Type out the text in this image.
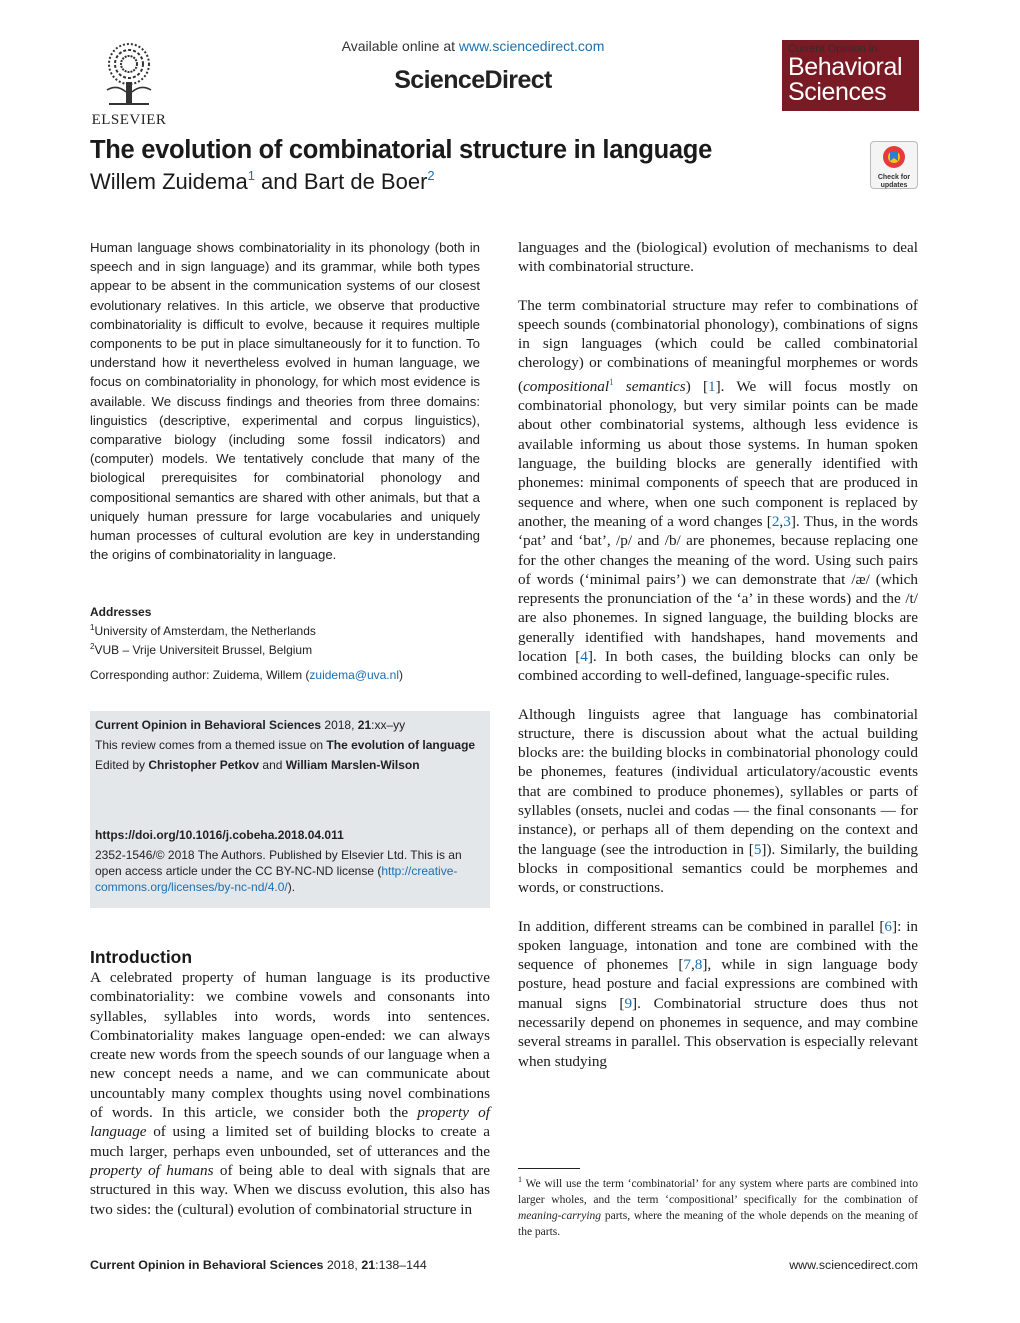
ELSEVIER
Available online at www.sciencedirect.com
ScienceDirect
Current Opinion in
Behavioral
Sciences
The evolution of combinatorial structure in language
Willem Zuidema$^1$ and Bart de Boer$^2$	Check for
updates
Human language shows combinatoriality in its phonology (both in speech and in sign language) and its grammar, while both types appear to be absent in the communication systems of our closest evolutionary relatives. In this article, we observe that productive combinatoriality is difficult to evolve, because it requires multiple components to be put in place simultaneously for it to function. To understand how it nevertheless evolved in human language, we focus on combinatoriality in phonology, for which most evidence is available. We discuss findings and theories from three domains: linguistics (descriptive, experimental and corpus linguistics), comparative biology (including some fossil indicators) and (computer) models. We tentatively conclude that many of the biological prerequisites for combinatorial phonology and compositional semantics are shared with other animals, but that a uniquely human pressure for large vocabularies and uniquely human processes of cultural evolution are key in understanding the origins of combinatoriality in language.
Addresses
$^1$University of Amsterdam, the Netherlands
$^2$VUB – Vrije Universiteit Brussel, Belgium
Corresponding author: Zuidema, Willem (zuidema@uva.nl)

Current Opinion in Behavioral Sciences 2018, 21:xx–yy

This review comes from a themed issue on The evolution of language

Edited by Christopher Petkov and William Marslen-Wilson

https://doi.org/10.1016/j.cobeha.2018.04.011

2352-1546/© 2018 The Authors. Published by Elsevier Ltd. This is an open access article under the CC BY-NC-ND license (http://creative-commons.org/licenses/by-nc-nd/4.0/).

Introduction
A celebrated property of human language is its productive combinatoriality: we combine vowels and consonants into syllables, syllables into words, words into sentences. Combinatoriality makes language open-ended: we can always create new words from the speech sounds of our language when a new concept needs a name, and we can communicate about uncountably many complex thoughts using novel combinations of words. In this article, we consider both the property of language of using a limited set of building blocks to create a much larger, perhaps even unbounded, set of utterances and the property of humans of being able to deal with signals that are structured in this way. When we discuss evolution, this also has two sides: the (cultural) evolution of combinatorial structure in

languages and the (biological) evolution of mechanisms to deal with combinatorial structure.

The term combinatorial structure may refer to combinations of speech sounds (combinatorial phonology), combinations of signs in sign languages (which could be called combinatorial cherology) or combinations of meaningful morphemes or words (compositional$^1$ semantics) [1]. We will focus mostly on combinatorial phonology, but very similar points can be made about other combinatorial systems, although less evidence is available informing us about those systems. In human spoken language, the building blocks are generally identified with phonemes: minimal components of speech that are produced in sequence and where, when one such component is replaced by another, the meaning of a word changes [2,3]. Thus, in the words ‘pat’ and ‘bat’, /p/ and /b/ are phonemes, because replacing one for the other changes the meaning of the word. Using such pairs of words (‘minimal pairs’) we can demonstrate that /æ/ (which represents the pronunciation of the ‘a’ in these words) and the /t/ are also phonemes. In signed language, the building blocks are generally identified with handshapes, hand movements and location [4]. In both cases, the building blocks can only be combined according to well-defined, language-specific rules.

Although linguists agree that language has combinatorial structure, there is discussion about what the actual building blocks are: the building blocks in combinatorial phonology could be phonemes, features (individual articulatory/acoustic events that are combined to produce phonemes), syllables or parts of syllables (onsets, nuclei and codas — the final consonants — for instance), or perhaps all of them depending on the context and the language (see the introduction in [5]). Similarly, the building blocks in compositional semantics could be morphemes and words, or constructions.

In addition, different streams can be combined in parallel [6]: in spoken language, intonation and tone are combined with the sequence of phonemes [7,8], while in sign language body posture, head posture and facial expressions are combined with manual signs [9]. Combinatorial structure does thus not necessarily depend on phonemes in sequence, and may combine several streams in parallel. This observation is especially relevant when studying

$^1$ We will use the term ‘combinatorial’ for any system where parts are combined into larger wholes, and the term ‘compositional’ specifically for the combination of meaning-carrying parts, where the meaning of the whole depends on the meaning of the parts.
Current Opinion in Behavioral Sciences 2018, 21:138–144	www.sciencedirect.com
